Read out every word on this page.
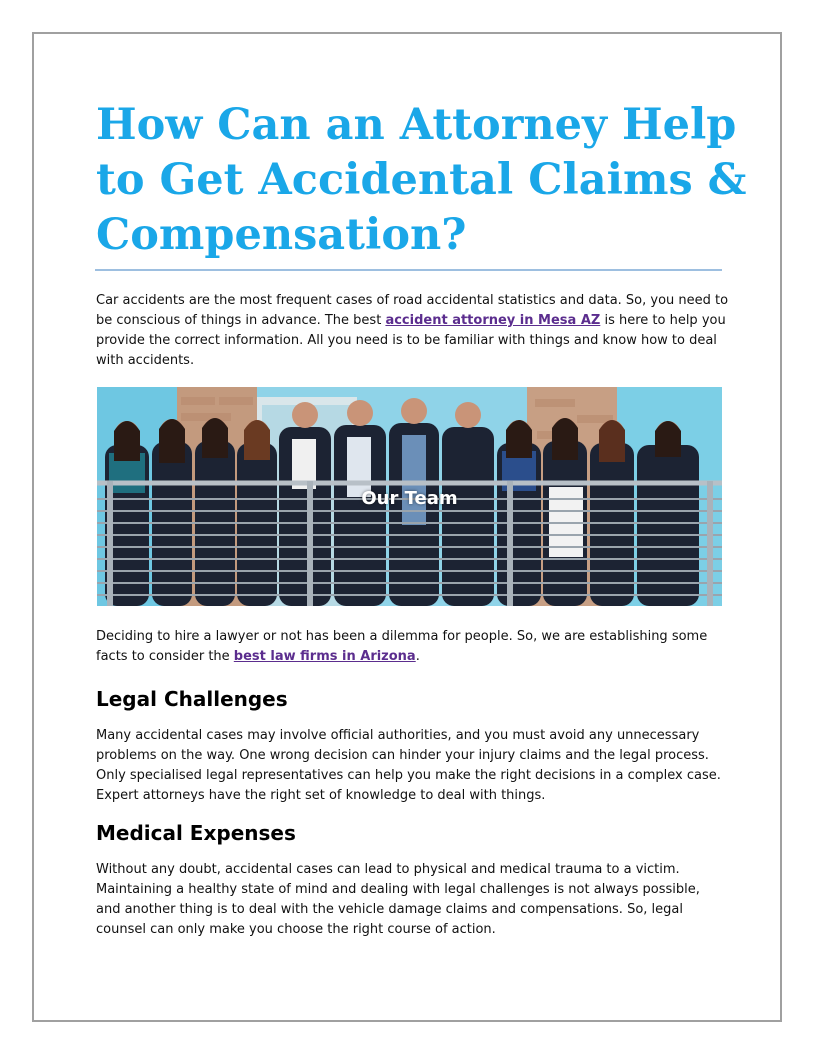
How Can an Attorney Help
to Get Accidental Claims &
Compensation?

Car accidents are the most frequent cases of road accidental statistics and data. So, you need to
be conscious of things in advance. The best accident attorney in Mesa AZ is here to help you
provide the correct information. All you need is to be familiar with things and know how to deal
with accidents.

Our Team

Deciding to hire a lawyer or not has been a dilemma for people. So, we are establishing some
facts to consider the best law firms in Arizona.

Legal Challenges

Many accidental cases may involve official authorities, and you must avoid any unnecessary
problems on the way. One wrong decision can hinder your injury claims and the legal process.
Only specialised legal representatives can help you make the right decisions in a complex case.
Expert attorneys have the right set of knowledge to deal with things.

Medical Expenses

Without any doubt, accidental cases can lead to physical and medical trauma to a victim.
Maintaining a healthy state of mind and dealing with legal challenges is not always possible,
and another thing is to deal with the vehicle damage claims and compensations. So, legal
counsel can only make you choose the right course of action.
